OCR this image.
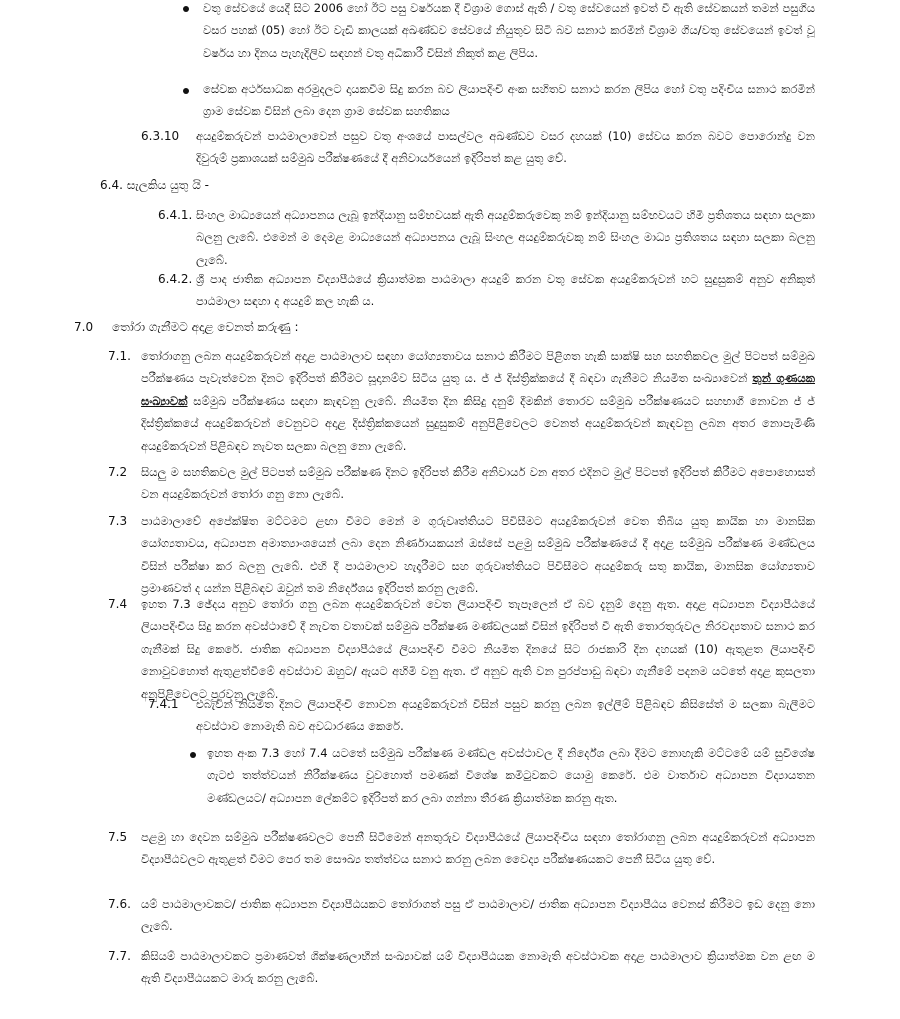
වතු සේවයේ යෙදී සිට 2006 හෝ ඊට පසු වර්ෂයක දී විශ්‍රාම ගොස් ඇති / වතු සේවයෙන් ඉවත් වී ඇති සේවකයන් තමන් පසුගිය වසර පහක් (05) හෝ ඊට වැඩි කාලයක් අඛණ්ඩව සේවයේ නියුතුව සිටි බව සනාථ කරමින් විශ්‍රාම ගිය/වතු සේවයෙන් ඉවත් වූ වර්ෂය හා දිනය පැහැදිලිව සඳහන් වතු අධිකාරී විසින් නිකුත් කළ ලිපිය.

සේවක අර්ථසාධක අරමුදලට දායකවීම සිදු කරන බව ලියාපදිංචි අංක සහිතව සනාථ කරන ලිපිය හෝ වතු පදිංචිය සනාථ කරමින් ග්‍රාම සේවක විසින් ලබා දෙන ග්‍රාම සේවක සහතිකය

6.3.10 අයදුම්කරුවන් පාඨමාලාවෙන් පසුව වතු අංශයේ පාසල්වල අඛණ්ඩව වසර දහයක් (10) සේවය කරන බවට පොරොන්දු වන දිවුරුම් ප්‍රකාශයක් සම්මුඛ පරීක්ෂණයේ දී අනිවාර්යයෙන් ඉදිරිපත් කළ යුතු වේ.

6.4. සැලකිය යුතු යි -

6.4.1. සිංහල මාධ්‍යයෙන් අධ්‍යාපනය ලැබූ ඉන්දියානු සම්භවයක් ඇති අයදුම්කරුවෙකු නම් ඉන්දියානු සම්භවයට හිමි ප්‍රතිශතය සඳහා සලකා බලනු ලැබේ. එමෙන් ම දෙමළ මාධ්‍යයෙන් අධ්‍යාපනය ලැබූ සිංහල අයදුම්කරුවකු නම් සිංහල මාධ්‍ය ප්‍රතිශතය සඳහා සලකා බලනු ලැබේ.

6.4.2. ශ්‍රී පාද ජාතික අධ්‍යාපන විද්‍යාපීඨයේ ක්‍රියාත්මක පාඨමාලා අයදුම් කරන වතු සේවක අයදුම්කරුවන් හට සුදුසුකම් අනුව අනිකුත් පාඨමාලා සඳහා ද අයදුම් කල හැකි ය.

7.0 තෝරා ගැනීමට අදාළ වෙනත් කරුණු :

7.1. තෝරාගනු ලබන අයදුම්කරුවන් අදාළ පාඨමාලාව සඳහා යෝග්‍යතාවය සනාථ කිරීමට පිළිගත හැකි සාක්ෂි සහ සහතිකවල මුල් පිටපත් සම්මුඛ පරීක්ෂණය පැවැත්වෙන දිනට ඉදිරිපත් කිරීමට සූදානම්ව සිටිය යුතු ය. ජ් ජ් දිස්ත්‍රික්කයේ දී බඳවා ගැනීමට නියමිත සංඛ්‍යාවෙන් තුන් ගුණයක සංඛ්‍යාවක් සම්මුඛ පරීක්ෂණය සඳහා කැඳවනු ලැබේ. නියමිත දින කිසිදු දනුම් දීමකින් තොරව සම්මුඛ පරීක්ෂණයට සහභාගී නොවන ජ් ජ් දිස්ත්‍රික්කයේ අයදුම්කරුවන් වෙනුවට අදාළ දිස්ත්‍රික්කයෙන් සුදුසුකම් අනුපිළිවෙලට වෙනත් අයදුම්කරුවන් කැඳවනු ලබන අතර නොපැමිණි අයදුම්කරුවන් පිළිබඳව නැවත සලකා බලනු නො ලැබේ.

7.2 සියලු ම සහතිකවල මුල් පිටපත් සම්මුඛ පරීක්ෂණ දිනට ඉදිරිපත් කිරීම අනිවාර්ය වන අතර එදිනට මුල් පිටපත් ඉදිරිපත් කිරීමට අපොහොසත් වන අයදුම්කරුවන් තෝරා ගනු නො ලැබේ.

7.3 පාඨමාලාවේ අපේක්ෂිත මට්ටමට ළඟා වීමට මෙන් ම ගුරුවෘත්තියට පිවිසීමට අයදුම්කරුවන් වෙත තිබිය යුතු කායික හා මානසික යෝග්‍යතාවය, අධ්‍යාපන අමාත්‍යාංශයෙන් ලබා දෙන නිර්ණායකයන් ඔස්සේ පළමු සම්මුඛ පරීක්ෂණයේ දී අදාළ සම්මුඛ පරීක්ෂණ මණ්ඩලය විසින් පරීක්ෂා කර බලනු ලැබේ. එහි දී පාඨමාලාව හැදෑරීමට සහ ගුරුවෘත්තියට පිවිසීමට අයදුම්කරු සතු කායික, මානසික යෝග්‍යතාව ප්‍රමාණවත් ද යන්න පිළිබඳව ඔවුන් තම නිර්දේශය ඉදිරිපත් කරනු ලැබේ.

7.4 ඉහත 7.3 ඡේදය අනුව තෝරා ගනු ලබන අයදුම්කරුවන් වෙත ලියාපදිංචි තැපෑලෙන් ඒ බව දැනුම් දෙනු ඇත. අදාළ අධ්‍යාපන විද්‍යාපීඨයේ ලියාපදිංචිය සිදු කරන අවස්ථාවේ දී නැවත වතාවක් සම්මුඛ පරීක්ෂණ මණ්ඩලයක් විසින් ඉදිරිපත් වී ඇති තොරතුරුවල නිරවද්‍යතාව සනාථ කර ගැනීමක් සිදු කෙරේ. ජාතික අධ්‍යාපන විද්‍යාපීඨයේ ලියාපදිංචි වීමට නියමිත දිනයේ සිට රාජකාරි දින දහයක් (10) ඇතුළත ලියාපදිංචි නොවුවහොත් ඇතුළත්වීමේ අවස්ථාව ඔහුට/ ඇයට අහිමි වනු ඇත. ඒ අනුව ඇති වන පුරප්පාඩු බඳවා ගැනීමේ පදනම යටතේ අදාළ කුසලතා අනුපිළිවෙලට පුරවනු ලැබේ.

7.4.1 එබැවින් නියමිත දිනට ලියාපදිංචි නොවන අයදුම්කරුවන් විසින් පසුව කරනු ලබන ඉල්ලීම් පිළිබඳව කිසිසේත් ම සලකා බැලීමට අවස්ථාව නොමැති බව අවධාරණය කෙරේ.

ඉහත අංක 7.3 හෝ 7.4 යටතේ සම්මුඛ පරීක්ෂණ මණ්ඩල අවස්ථාවල දී නිර්දේශ ලබා දීමට නොහැකි මට්ටමේ යම් සුවිශේෂ ගැටළු තත්ත්වයන් නිරීක්ෂණය වුවහොත් පමණක් විශේෂ කමිටුවකට යොමු කෙරේ. එම වාර්තාව අධ්‍යාපන විද්‍යායතන මණ්ඩලයට/ අධ්‍යාපන ලේකම්ට ඉදිරිපත් කර ලබා ගන්නා තීරණ ක්‍රියාත්මක කරනු ඇත.

7.5 පළමු හා දෙවන සම්මුඛ පරීක්ෂණවලට පෙනී සිටීමෙන් අනතුරුව විද්‍යාපීඨයේ ලියාපදිංචිය සඳහා තෝරාගනු ලබන අයදුම්කරුවන් අධ්‍යාපන විද්‍යාපීඨවලට ඇතුළත් වීමට පෙර තම සෞඛ්‍ය තත්ත්වය සනාථ කරනු ලබන වෛද්‍ය පරීක්ෂණයකට පෙනී සිටිය යුතු වේ.

7.6. යම් පාඨමාලාවකට/ ජාතික අධ්‍යාපන විද්‍යාපීඨයකට තෝරාගත් පසු ඒ පාඨමාලාව/ ජාතික අධ්‍යාපන විද්‍යාපීඨය වෙනස් කිරීමට ඉඩ දෙනු නො ලැබේ.

7.7. කිසියම් පාඨමාලාවකට ප්‍රමාණවත් ශික්ෂණලාභීන් සංඛ්‍යාවක් යම් විද්‍යාපීඨයක නොමැති අවස්ථාවක අදාළ පාඨමාලාව ක්‍රියාත්මක වන ළඟ ම ඇති විද්‍යාපීඨයකට මාරු කරනු ලැබේ.
